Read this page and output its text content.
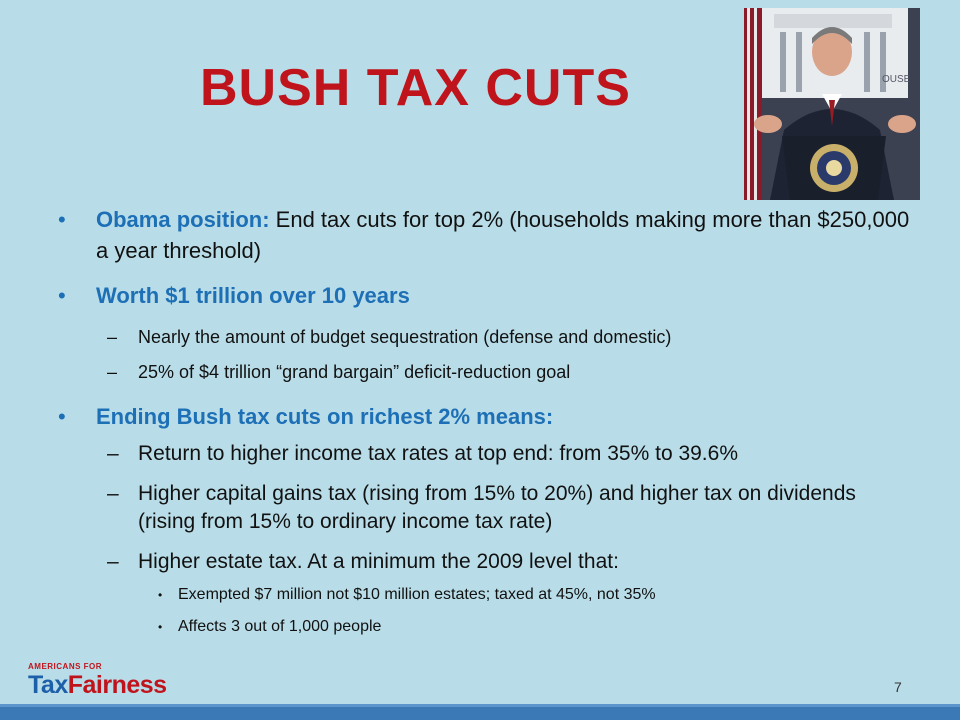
BUSH TAX CUTS	OUSE
• Obama position: End tax cuts for top 2% (households making more than $250,000 a year threshold)
• Worth $1 trillion over 10 years
– Nearly the amount of budget sequestration (defense and domestic)
– 25% of $4 trillion “grand bargain” deficit-reduction goal
• Ending Bush tax cuts on richest 2% means:
– Return to higher income tax rates at top end: from 35% to 39.6%
– Higher capital gains tax (rising from 15% to 20%) and higher tax on dividends (rising from 15% to ordinary income tax rate)
– Higher estate tax. At a minimum the 2009 level that:
• Exempted $7 million not $10 million estates; taxed at 45%, not 35%
• Affects 3 out of 1,000 people
AMERICANS FOR
TaxFairness	7
